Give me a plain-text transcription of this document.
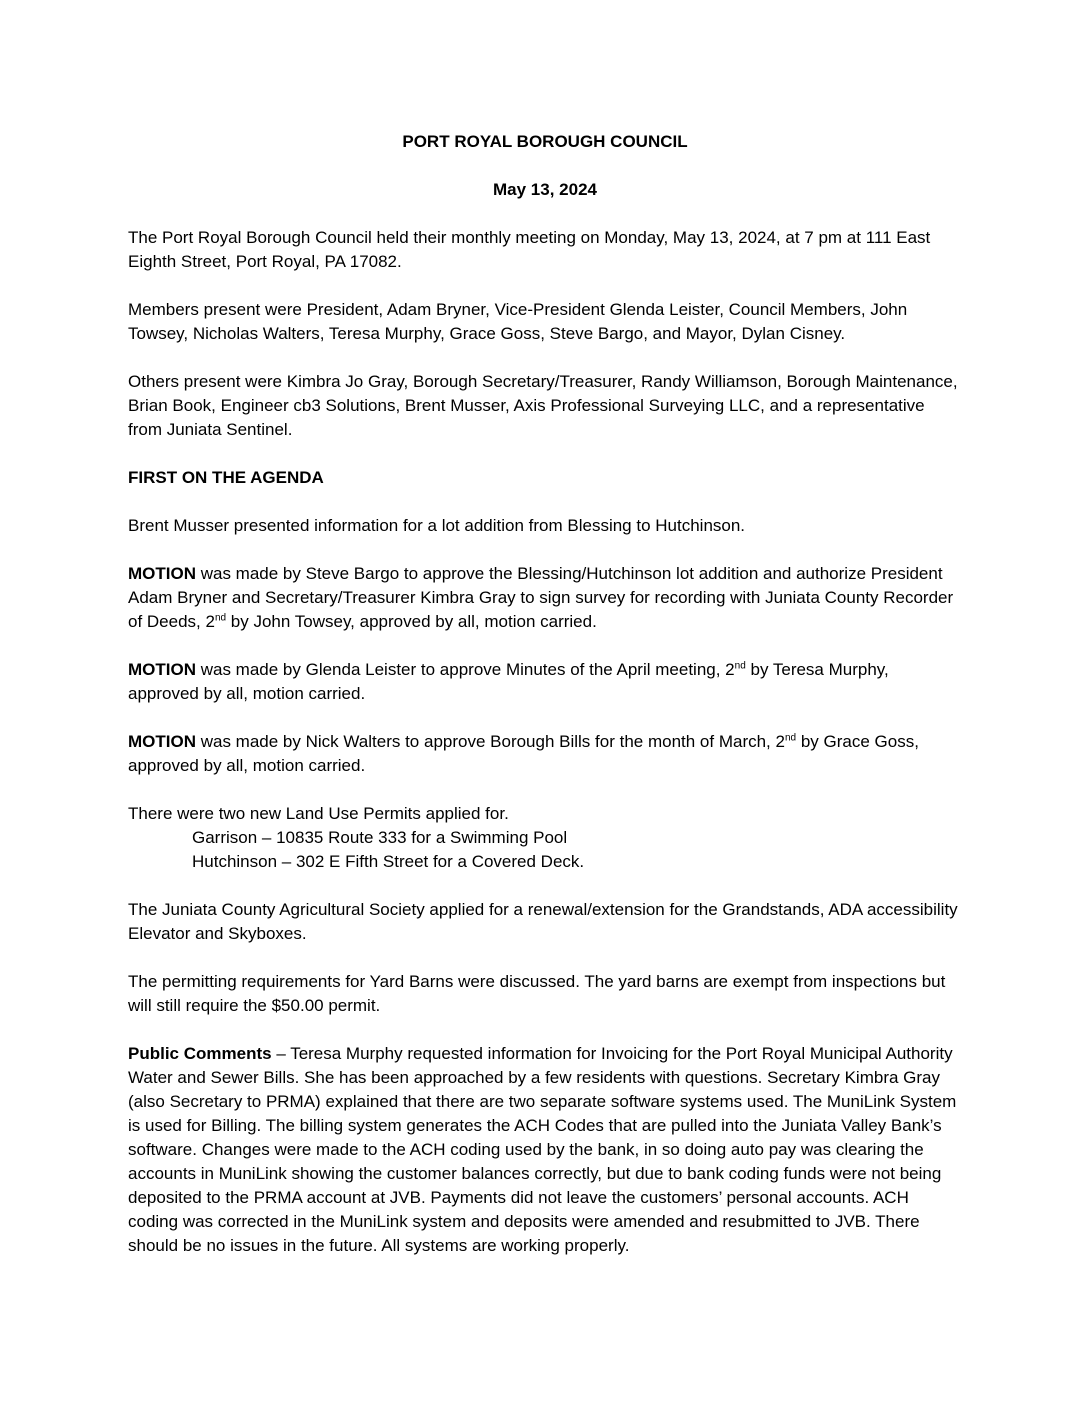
PORT ROYAL BOROUGH COUNCIL
May 13, 2024

The Port Royal Borough Council held their monthly meeting on Monday, May 13, 2024, at 7 pm at 111 East Eighth Street, Port Royal, PA 17082.

Members present were President, Adam Bryner, Vice-President Glenda Leister, Council Members, John Towsey, Nicholas Walters, Teresa Murphy, Grace Goss, Steve Bargo, and Mayor, Dylan Cisney.

Others present were Kimbra Jo Gray, Borough Secretary/Treasurer, Randy Williamson, Borough Maintenance, Brian Book, Engineer cb3 Solutions, Brent Musser, Axis Professional Surveying LLC, and a representative from Juniata Sentinel.

FIRST ON THE AGENDA

Brent Musser presented information for a lot addition from Blessing to Hutchinson.

MOTION was made by Steve Bargo to approve the Blessing/Hutchinson lot addition and authorize President Adam Bryner and Secretary/Treasurer Kimbra Gray to sign survey for recording with Juniata County Recorder of Deeds, 2nd by John Towsey, approved by all, motion carried.

MOTION was made by Glenda Leister to approve Minutes of the April meeting, 2nd by Teresa Murphy, approved by all, motion carried.

MOTION was made by Nick Walters to approve Borough Bills for the month of March, 2nd by Grace Goss, approved by all, motion carried.

There were two new Land Use Permits applied for.
Garrison – 10835 Route 333 for a Swimming Pool
Hutchinson – 302 E Fifth Street for a Covered Deck.

The Juniata County Agricultural Society applied for a renewal/extension for the Grandstands, ADA accessibility Elevator and Skyboxes.

The permitting requirements for Yard Barns were discussed. The yard barns are exempt from inspections but will still require the $50.00 permit.

Public Comments – Teresa Murphy requested information for Invoicing for the Port Royal Municipal Authority Water and Sewer Bills. She has been approached by a few residents with questions. Secretary Kimbra Gray (also Secretary to PRMA) explained that there are two separate software systems used. The MuniLink System is used for Billing. The billing system generates the ACH Codes that are pulled into the Juniata Valley Bank’s software. Changes were made to the ACH coding used by the bank, in so doing auto pay was clearing the accounts in MuniLink showing the customer balances correctly, but due to bank coding funds were not being deposited to the PRMA account at JVB. Payments did not leave the customers’ personal accounts. ACH coding was corrected in the MuniLink system and deposits were amended and resubmitted to JVB. There should be no issues in the future. All systems are working properly.
